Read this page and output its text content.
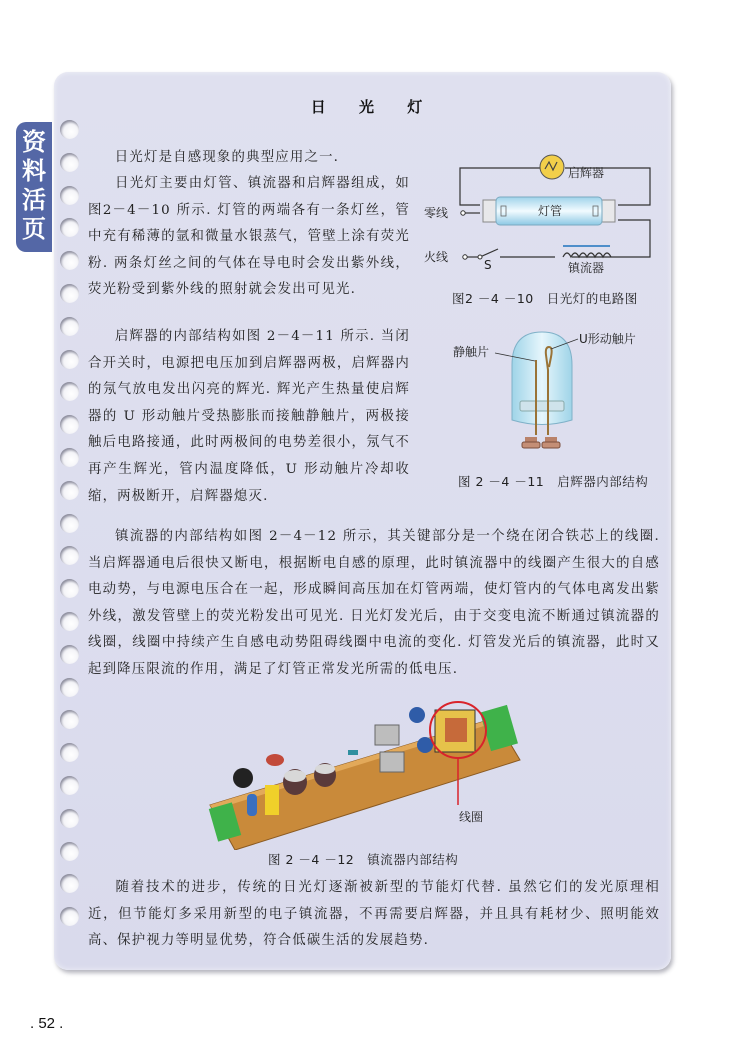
资
料
活
页
日 光 灯
日光灯是自感现象的典型应用之一.
日光灯主要由灯管、镇流器和启辉器组成，如图2－4－10 所示. 灯管的两端各有一条灯丝，管中充有稀薄的氩和微量水银蒸气，管壁上涂有荧光粉. 两条灯丝之间的气体在导电时会发出紫外线，荧光粉受到紫外线的照射就会发出可见光.
启辉器的内部结构如图 2－4－11 所示. 当闭合开关时，电源把电压加到启辉器两极，启辉器内的氖气放电发出闪亮的辉光. 辉光产生热量使启辉器的 U 形动触片受热膨胀而接触静触片，两极接触后电路接通，此时两极间的电势差很小，氖气不再产生辉光，管内温度降低，U 形动触片冷却收缩，两极断开，启辉器熄灭.
镇流器的内部结构如图 2－4－12 所示，其关键部分是一个绕在闭合铁芯上的线圈. 当启辉器通电后很快又断电，根据断电自感的原理，此时镇流器中的线圈产生很大的自感电动势，与电源电压合在一起，形成瞬间高压加在灯管两端，使灯管内的气体电离发出紫外线，激发管壁上的荧光粉发出可见光. 日光灯发光后，由于交变电流不断通过镇流器的线圈，线圈中持续产生自感电动势阻碍线圈中电流的变化. 灯管发光后的镇流器，此时又起到降压限流的作用，满足了灯管正常发光所需的低电压.
随着技术的进步，传统的日光灯逐渐被新型的节能灯代替. 虽然它们的发光原理相近，但节能灯多采用新型的电子镇流器，不再需要启辉器，并且具有耗材少、照明能效高、保护视力等明显优势，符合低碳生活的发展趋势.
启辉器
灯管
零线
火线
S	镇流器
图2 －4 －10　日光灯的电路图
静触片
U形动触片
图 2 －4 －11　启辉器内部结构
线圈
图 2 －4 －12　镇流器内部结构
. 52 .
